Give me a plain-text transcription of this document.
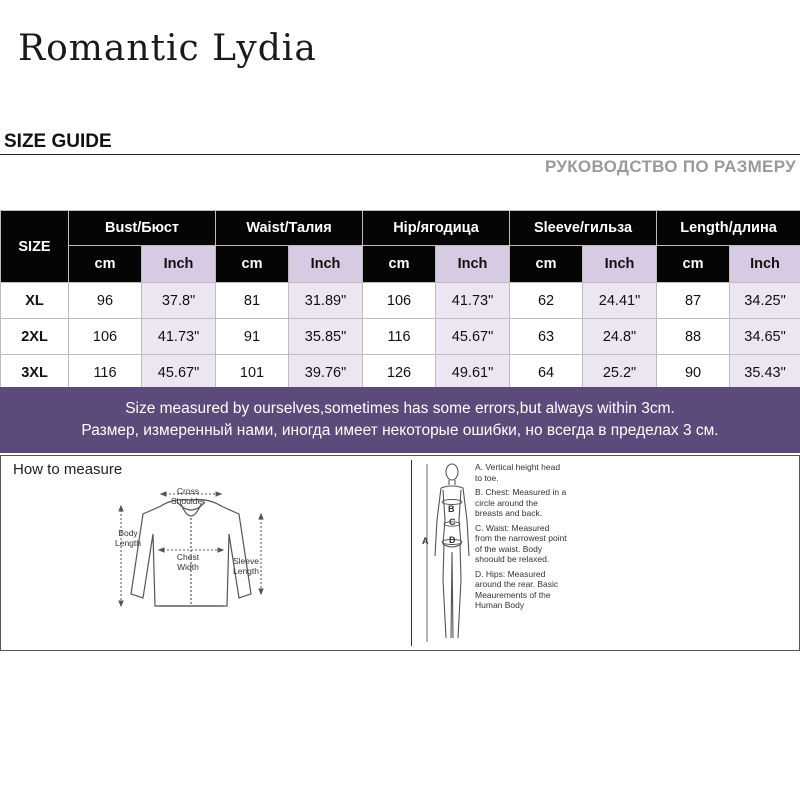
Romantic Lydia
SIZE GUIDE
РУКОВОДСТВО ПО РАЗМЕРУ
SIZE	Bust/Бюст		Waist/Талия		Hip/ягодица		Sleeve/гильза		Length/длина	
	cm	Inch	cm	Inch	cm	Inch	cm	Inch	cm	Inch
XL	96	37.8"	81	31.89"	106	41.73"	62	24.41"	87	34.25"
2XL	106	41.73"	91	35.85"	116	45.67"	63	24.8"	88	34.65"
3XL	116	45.67"	101	39.76"	126	49.61"	64	25.2"	90	35.43"
Size measured by ourselves,sometimes has some errors,but always within 3cm.
Размер, измеренный нами, иногда имеет некоторые ошибки, но всегда в пределах 3 см.
How to measure
Cross Shoulder
Body Length
Chest Width
Sleeve Length
A
B
C
D
A. Vertical height head to toe.
B. Chest: Measured in a circle around the breasts and back.
C. Waist: Measured from the narrowest point of the waist. Body shoould be relaxed.
D. Hips: Measured around the rear. Basic Meaurements of the Human Body
